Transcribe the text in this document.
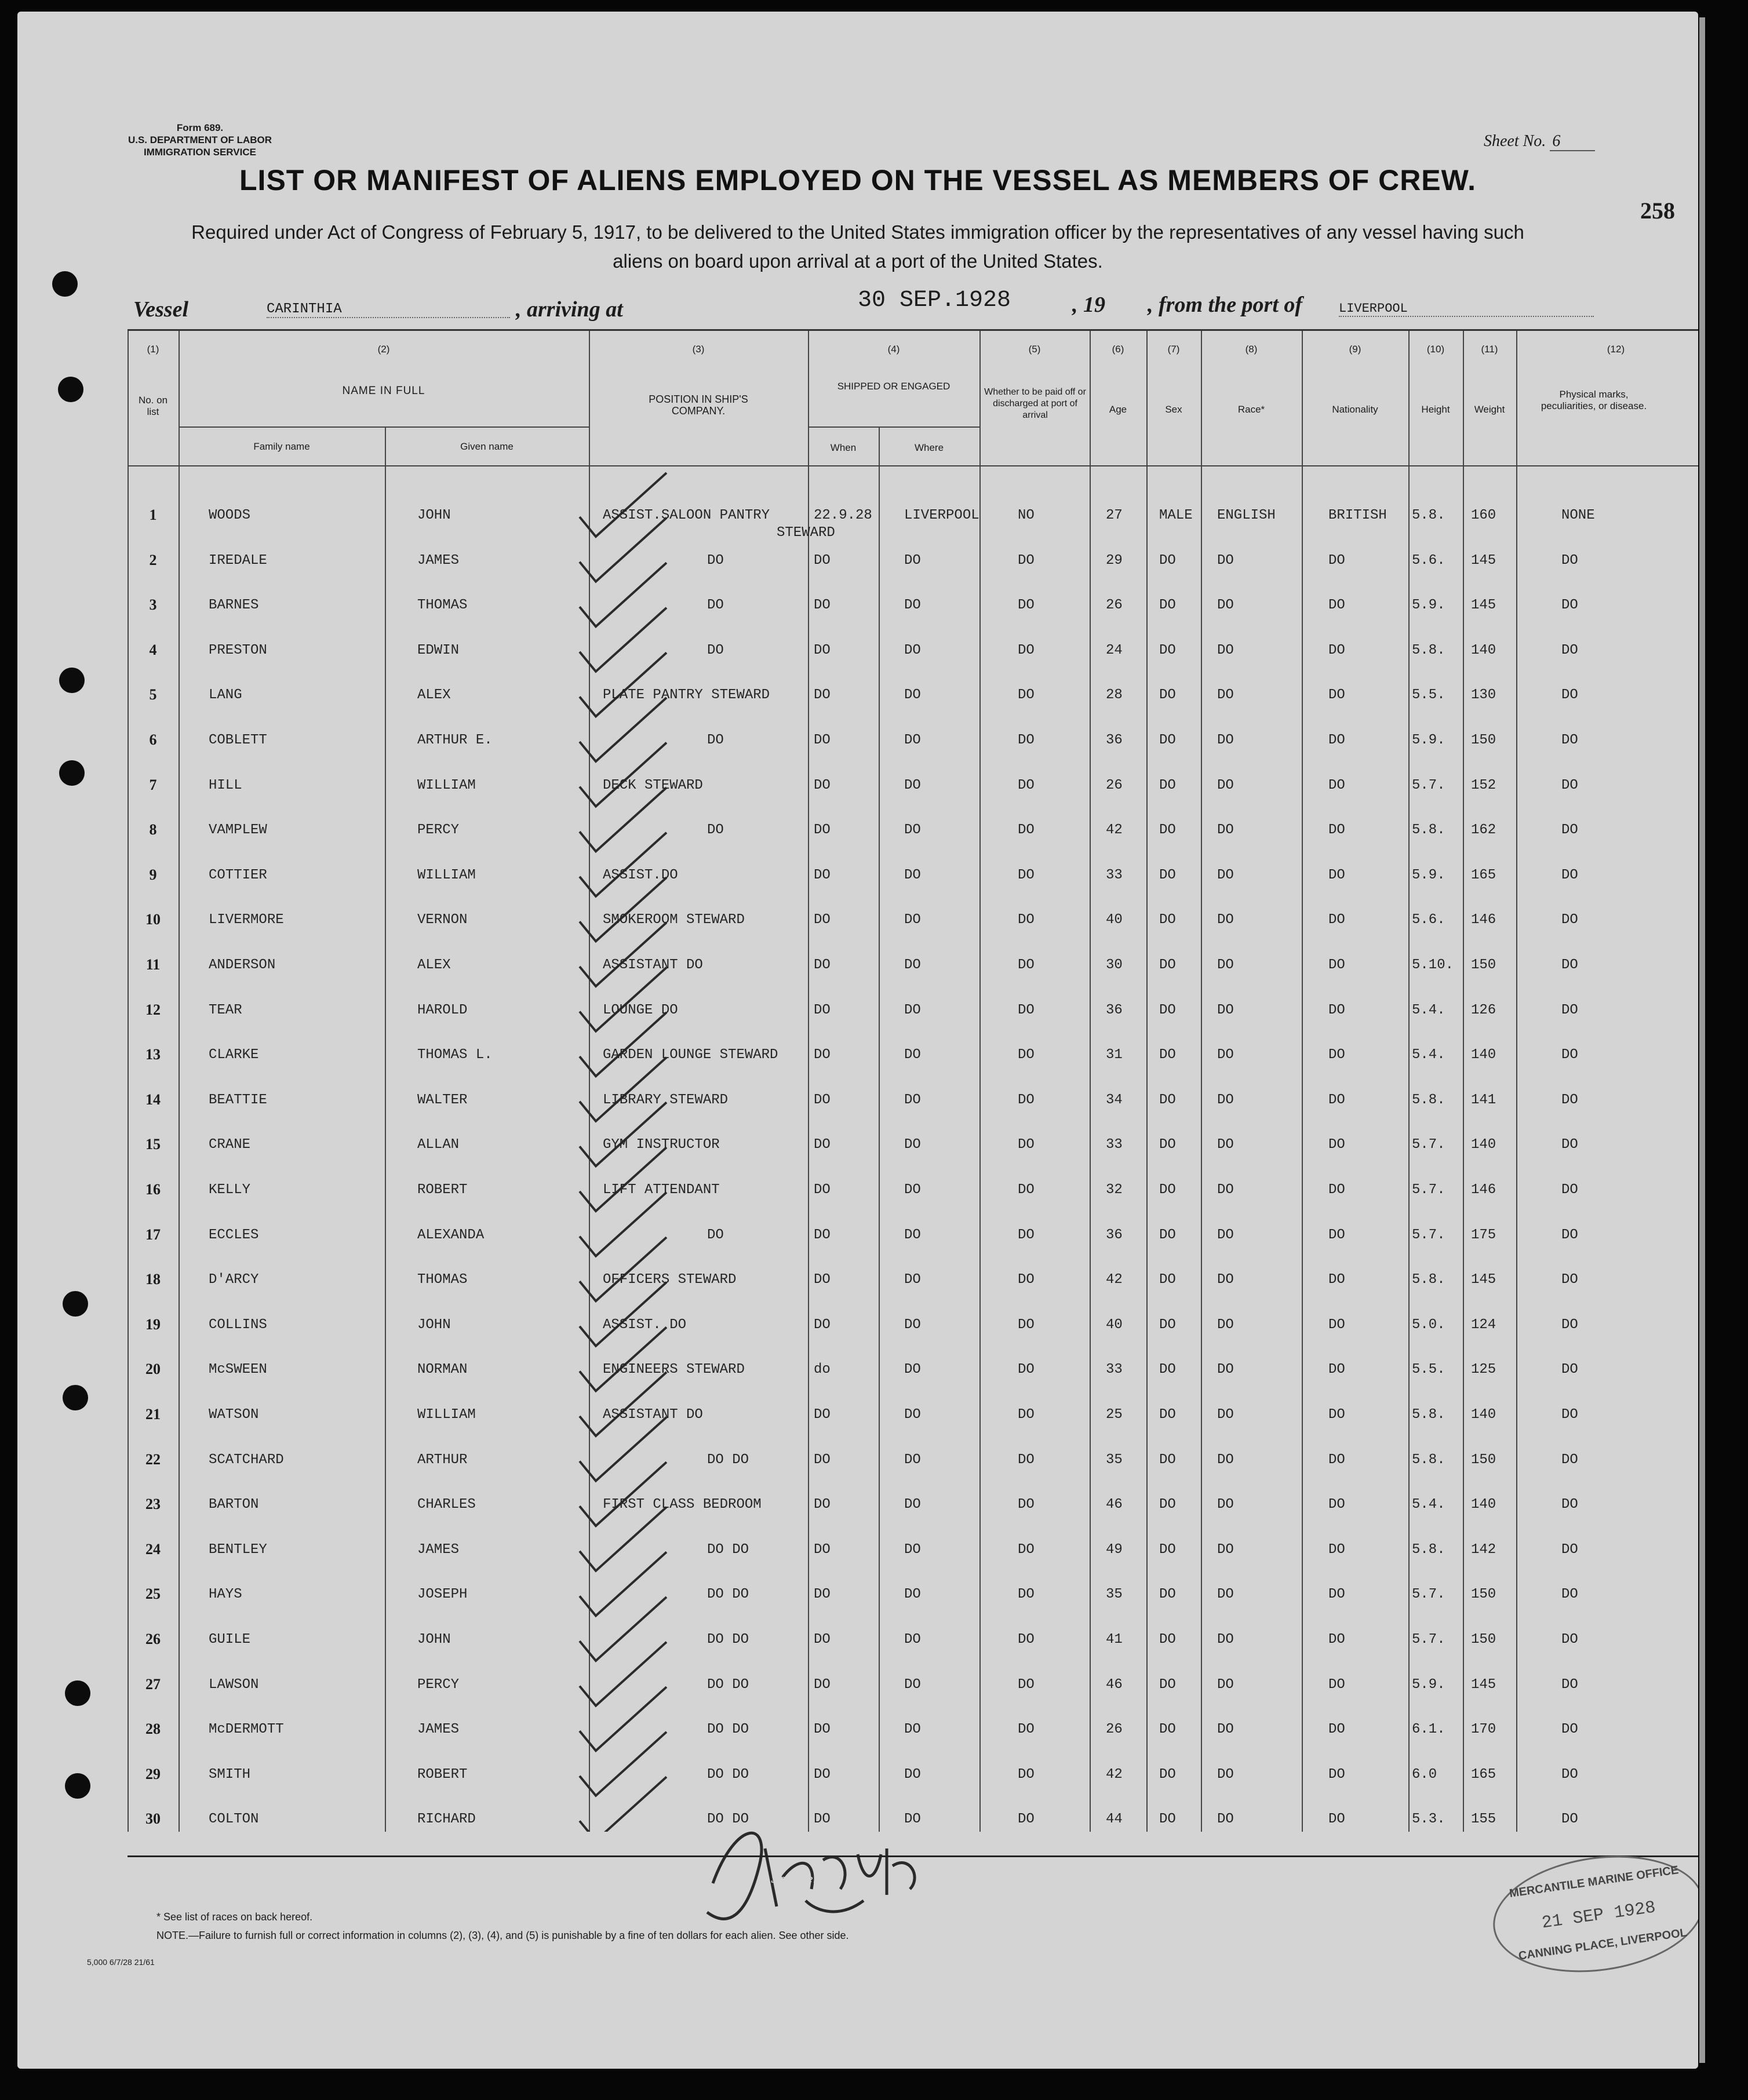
Form 689.
U.S. DEPARTMENT OF LABOR
IMMIGRATION SERVICE
Sheet No. 6
258
LIST OR MANIFEST OF ALIENS EMPLOYED ON THE VESSEL AS MEMBERS OF CREW.
Required under Act of Congress of February 5, 1917, to be delivered to the United States immigration officer by the representatives of any vessel having such
aliens on board upon arrival at a port of the United States.
Vessel	CARINTHIA	, arriving at	30 SEP.1928	, 19 , from the port of	LIVERPOOL
(1)	(2)	(3)	(4)	(5)	(6)	(7)	(8)	(9)	(10)	(11)	(12)
No. on list
NAME IN FULL
Family name	Given name
POSITION IN SHIP'S COMPANY.
SHIPPED OR ENGAGED
When	Where
Whether to be paid off or discharged at port of arrival
Age	Sex	Race*	Nationality	Height	Weight
Physical marks, peculiarities, or disease.
1	WOODS	JOHN	ASSIST.SALOON PANTRY
STEWARD
22.9.28 LIVERPOOL	NO	27	MALE ENGLISH	BRITISH 5.8. 160	NONE
2	IREDALE	JAMES	DO	DO	DO	DO	29	DO	DO	DO	5.6. 145	DO
3	BARNES	THOMAS	DO	DO	DO	DO	26	DO	DO	DO	5.9. 145	DO
4	PRESTON	EDWIN	DO	DO	DO	DO	24	DO	DO	DO	5.8. 140	DO
5	LANG	ALEX	PLATE PANTRY STEWARD	DO	DO	DO	28	DO	DO	DO	5.5. 130	DO
6	COBLETT	ARTHUR E.	DO	DO	DO	DO	36	DO	DO	DO	5.9. 150	DO
7	HILL	WILLIAM	DECK STEWARD	DO	DO	DO	26	DO	DO	DO	5.7. 152	DO
8	VAMPLEW	PERCY	DO	DO	DO	DO	42	DO	DO	DO	5.8. 162	DO
9	COTTIER	WILLIAM	ASSIST.DO	DO	DO	DO	33	DO	DO	DO	5.9. 165	DO
10	LIVERMORE	VERNON	SMOKEROOM STEWARD	DO	DO	DO	40	DO	DO	DO	5.6. 146	DO
11	ANDERSON	ALEX	ASSISTANT DO	DO	DO	DO	30	DO	DO	DO	5.10. 150	DO
12	TEAR	HAROLD	LOUNGE DO	DO	DO	DO	36	DO	DO	DO	5.4. 126	DO
13	CLARKE	THOMAS L.	GARDEN LOUNGE STEWARD	DO	DO	DO	31	DO	DO	DO	5.4. 140	DO
14	BEATTIE	WALTER	LIBRARY STEWARD	DO	DO	DO	34	DO	DO	DO	5.8. 141	DO
15	CRANE	ALLAN	GYM INSTRUCTOR	DO	DO	DO	33	DO	DO	DO	5.7. 140	DO
16	KELLY	ROBERT	LIFT ATTENDANT	DO	DO	DO	32	DO	DO	DO	5.7. 146	DO
17	ECCLES	ALEXANDA	DO	DO	DO	DO	36	DO	DO	DO	5.7. 175	DO
18	D'ARCY	THOMAS	OFFICERS STEWARD	DO	DO	DO	42	DO	DO	DO	5.8. 145	DO
19	COLLINS	JOHN	ASSIST. DO	DO	DO	DO	40	DO	DO	DO	5.0. 124	DO
20	McSWEEN	NORMAN	ENGINEERS STEWARD	do	DO	DO	33	DO	DO	DO	5.5. 125	DO
21	WATSON	WILLIAM	ASSISTANT DO	DO	DO	DO	25	DO	DO	DO	5.8. 140	DO
22	SCATCHARD	ARTHUR	DO DO	DO	DO	DO	35	DO	DO	DO	5.8. 150	DO
23	BARTON	CHARLES	FIRST CLASS BEDROOM	DO	DO	DO	46	DO	DO	DO	5.4. 140	DO
24	BENTLEY	JAMES	DO DO	DO	DO	DO	49	DO	DO	DO	5.8. 142	DO
25	HAYS	JOSEPH	DO DO	DO	DO	DO	35	DO	DO	DO	5.7. 150	DO
26	GUILE	JOHN	DO DO	DO	DO	DO	41	DO	DO	DO	5.7. 150	DO
27	LAWSON	PERCY	DO DO	DO	DO	DO	46	DO	DO	DO	5.9. 145	DO
28	McDERMOTT	JAMES	DO DO	DO	DO	DO	26	DO	DO	DO	6.1. 170	DO
29	SMITH	ROBERT	DO DO	DO	DO	DO	42	DO	DO	DO	6.0 165	DO
30	COLTON	RICHARD	DO DO	DO	DO	DO	44	DO	DO	DO	5.3. 155	DO
Shorneking
* See list of races on back hereof.
NOTE.—Failure to furnish full or correct information in columns (2), (3), (4), and (5) is punishable by a fine of ten dollars for each alien. See other side.
5,000 6/7/28 21/61
MERCANTILE MARINE OFFICE
21 SEP 1928
CANNING PLACE, LIVERPOOL
